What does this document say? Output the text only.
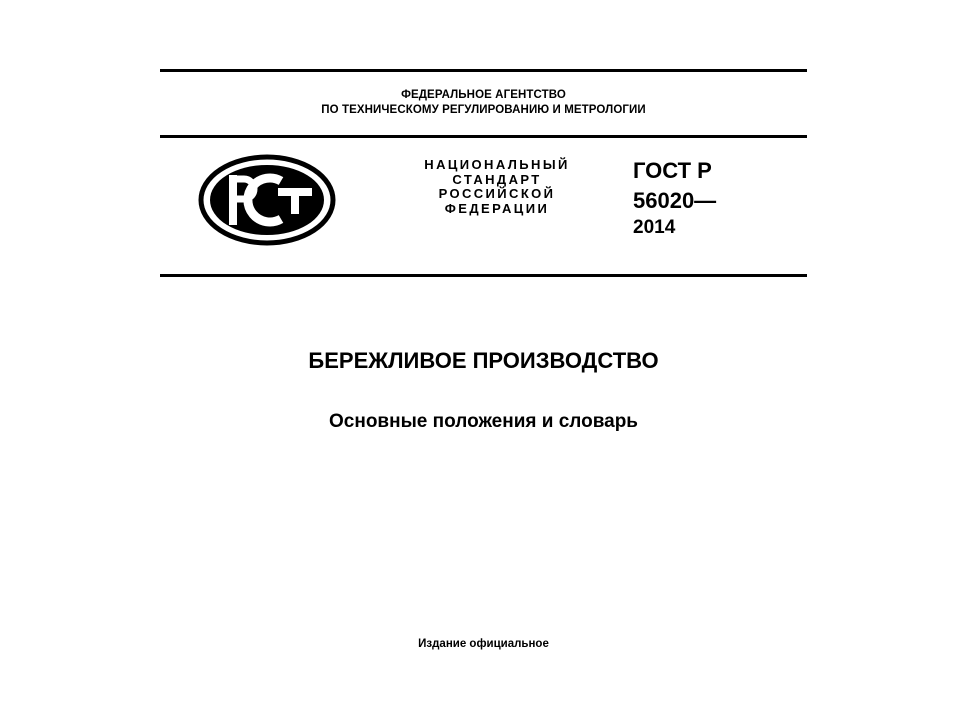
ФЕДЕРАЛЬНОЕ АГЕНТСТВО
ПО ТЕХНИЧЕСКОМУ РЕГУЛИРОВАНИЮ И МЕТРОЛОГИИ
НАЦИОНАЛЬНЫЙ
СТАНДАРТ
РОССИЙСКОЙ
ФЕДЕРАЦИИ
ГОСТ Р
56020—
2014
БЕРЕЖЛИВОЕ ПРОИЗВОДСТВО
Основные положения и словарь
Издание официальное
